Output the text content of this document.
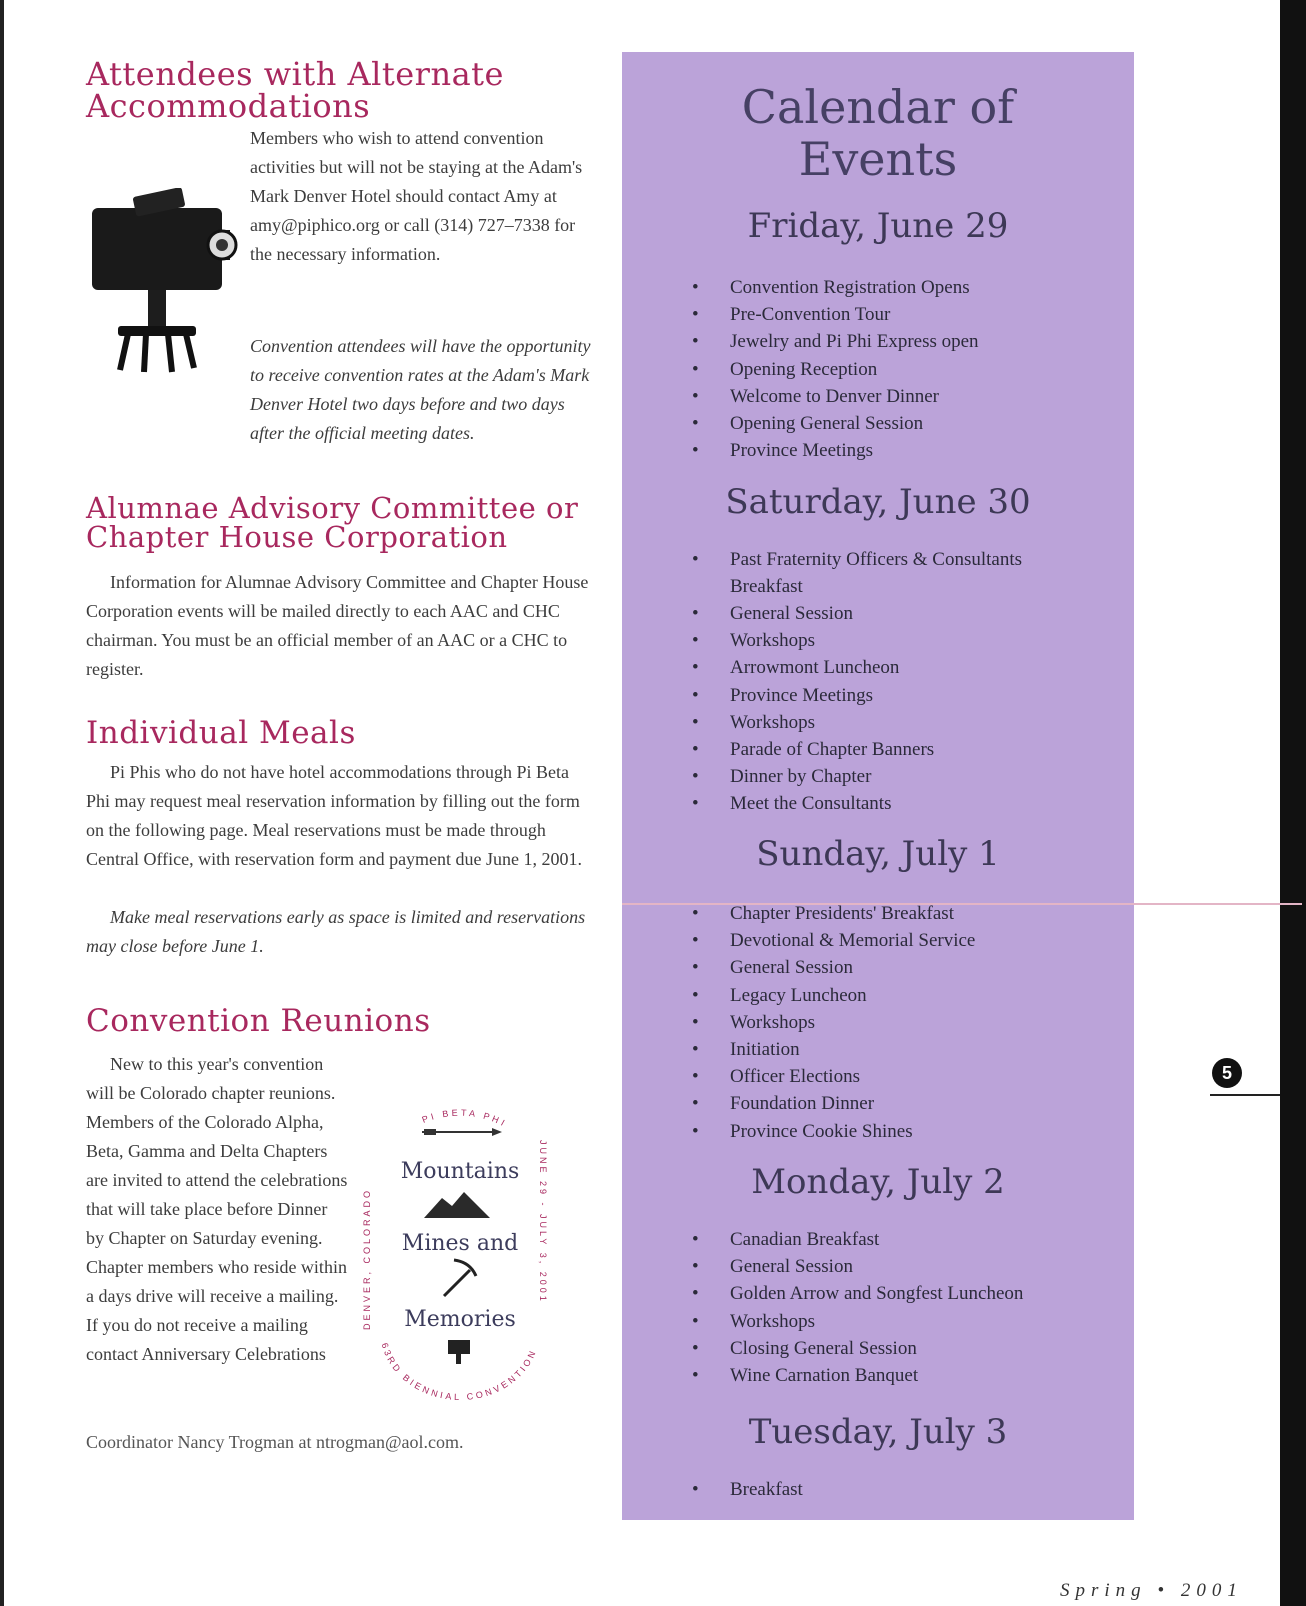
Attendees with Alternate
Accommodations

Members who wish to attend convention activities but will not be staying at the Adam's Mark Denver Hotel should contact Amy at amy@piphico.org or call (314) 727–7338 for the necessary information.

Convention attendees will have the opportunity to receive convention rates at the Adam's Mark Denver Hotel two days before and two days after the official meeting dates.

Alumnae Advisory Committee or
Chapter House Corporation

Information for Alumnae Advisory Committee and Chapter House Corporation events will be mailed directly to each AAC and CHC chairman. You must be an official member of an AAC or a CHC to register.

Individual Meals

Pi Phis who do not have hotel accommodations through Pi Beta Phi may request meal reservation information by filling out the form on the following page. Meal reservations must be made through Central Office, with reservation form and payment due June 1, 2001.

Make meal reservations early as space is limited and reservations may close before June 1.

Convention Reunions

New to this year's convention will be Colorado chapter reunions. Members of the Colorado Alpha, Beta, Gamma and Delta Chapters are invited to attend the celebrations that will take place before Dinner by Chapter on Saturday evening. Chapter members who reside within a days drive will receive a mailing. If you do not receive a mailing contact Anniversary Celebrations

Coordinator Nancy Trogman at ntrogman@aol.com.

PI BETA PHI
DENVER, COLORADO	JUNE 29 - JULY 3, 2001
63RD BIENNIAL CONVENTION
Mountains
Mines and
Memories
Calendar of
Events
Friday, June 29
• Convention Registration Opens
• Pre-Convention Tour
• Jewelry and Pi Phi Express open
• Opening Reception
• Welcome to Denver Dinner
• Opening General Session
• Province Meetings
Saturday, June 30
• Past Fraternity Officers & Consultants Breakfast
• General Session
• Workshops
• Arrowmont Luncheon
• Province Meetings
• Workshops
• Parade of Chapter Banners
• Dinner by Chapter
• Meet the Consultants
Sunday, July 1
• Chapter Presidents' Breakfast
• Devotional & Memorial Service
• General Session
• Legacy Luncheon
• Workshops
• Initiation
• Officer Elections
• Foundation Dinner
• Province Cookie Shines
Monday, July 2
• Canadian Breakfast
• General Session
• Golden Arrow and Songfest Luncheon
• Workshops
• Closing General Session
• Wine Carnation Banquet
Tuesday, July 3
• Breakfast
5
Spring • 2001
